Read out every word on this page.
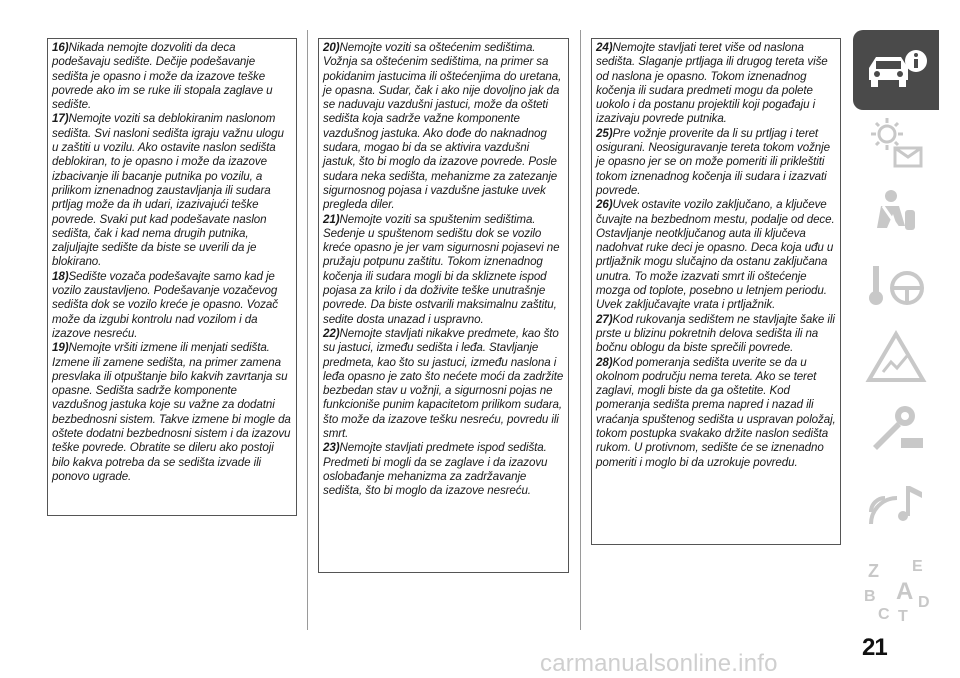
16)Nikada nemojte dozvoliti da deca podešavaju sedište. Dečije podešavanje sedišta je opasno i može da izazove teške povrede ako im se ruke ili stopala zaglave u sedište.

17)Nemojte voziti sa deblokiranim naslonom sedišta. Svi nasloni sedišta igraju važnu ulogu u zaštiti u vozilu. Ako ostavite naslon sedišta deblokiran, to je opasno i može da izazove izbacivanje ili bacanje putnika po vozilu, a prilikom iznenadnog zaustavljanja ili sudara prtljag može da ih udari, izazivajući teške povrede. Svaki put kad podešavate naslon sedišta, čak i kad nema drugih putnika, zaljuljajte sedište da biste se uverili da je blokirano.

18)Sedište vozača podešavajte samo kad je vozilo zaustavljeno. Podešavanje vozačevog sedišta dok se vozilo kreće je opasno. Vozač može da izgubi kontrolu nad vozilom i da izazove nesreću.

19)Nemojte vršiti izmene ili menjati sedišta. Izmene ili zamene sedišta, na primer zamena presvlaka ili otpuštanje bilo kakvih zavrtanja su opasne. Sedišta sadrže komponente vazdušnog jastuka koje su važne za dodatni bezbednosni sistem. Takve izmene bi mogle da oštete dodatni bezbednosni sistem i da izazovu teške povrede. Obratite se dileru ako postoji bilo kakva potreba da se sedišta izvade ili ponovo ugrade.

20)Nemojte voziti sa oštećenim sedištima. Vožnja sa oštećenim sedištima, na primer sa pokidanim jastucima ili oštećenjima do uretana, je opasna. Sudar, čak i ako nije dovoljno jak da se naduvaju vazdušni jastuci, može da ošteti sedišta koja sadrže važne komponente vazdušnog jastuka. Ako dođe do naknadnog sudara, mogao bi da se aktivira vazdušni jastuk, što bi moglo da izazove povrede. Posle sudara neka sedišta, mehanizme za zatezanje sigurnosnog pojasa i vazdušne jastuke uvek pregleda diler.

21)Nemojte voziti sa spuštenim sedištima. Sedenje u spuštenom sedištu dok se vozilo kreće opasno je jer vam sigurnosni pojasevi ne pružaju potpunu zaštitu. Tokom iznenadnog kočenja ili sudara mogli bi da skliznete ispod pojasa za krilo i da doživite teške unutrašnje povrede. Da biste ostvarili maksimalnu zaštitu, sedite dosta unazad i uspravno.

22)Nemojte stavljati nikakve predmete, kao što su jastuci, između sedišta i leđa. Stavljanje predmeta, kao što su jastuci, između naslona i leđa opasno je zato što nećete moći da zadržite bezbedan stav u vožnji, a sigurnosni pojas ne funkcioniše punim kapacitetom prilikom sudara, što može da izazove tešku nesreću, povredu ili smrt.

23)Nemojte stavljati predmete ispod sedišta. Predmeti bi mogli da se zaglave i da izazovu oslobađanje mehanizma za zadržavanje sedišta, što bi moglo da izazove nesreću.

24)Nemojte stavljati teret više od naslona sedišta. Slaganje prtljaga ili drugog tereta više od naslona je opasno. Tokom iznenadnog kočenja ili sudara predmeti mogu da polete uokolo i da postanu projektili koji pogađaju i izazivaju povrede putnika.

25)Pre vožnje proverite da li su prtljag i teret osigurani. Neosiguravanje tereta tokom vožnje je opasno jer se on može pomeriti ili prikleštiti tokom iznenadnog kočenja ili sudara i izazvati povrede.

26)Uvek ostavite vozilo zaključano, a ključeve čuvajte na bezbednom mestu, podalje od dece. Ostavljanje neotključanog auta ili ključeva nadohvat ruke deci je opasno. Deca koja uđu u prtljažnik mogu slučajno da ostanu zaključana unutra. To može izazvati smrt ili oštećenje mozga od toplote, posebno u letnjem periodu. Uvek zaključavajte vrata i prtljažnik.

27)Kod rukovanja sedištem ne stavljajte šake ili prste u blizinu pokretnih delova sedišta ili na bočnu oblogu da biste sprečili povrede.

28)Kod pomeranja sedišta uverite se da u okolnom području nema tereta. Ako se teret zaglavi, mogli biste da ga oštetite. Kod pomeranja sedišta prema napred i nazad ili vraćanja spuštenog sedišta u uspravan položaj, tokom postupka svakako držite naslon sedišta rukom. U protivnom, sedište će se iznenadno pomeriti i moglo bi da uzrokuje povredu.

Z E
B A
C T
D
21
carmanualsonline.info
